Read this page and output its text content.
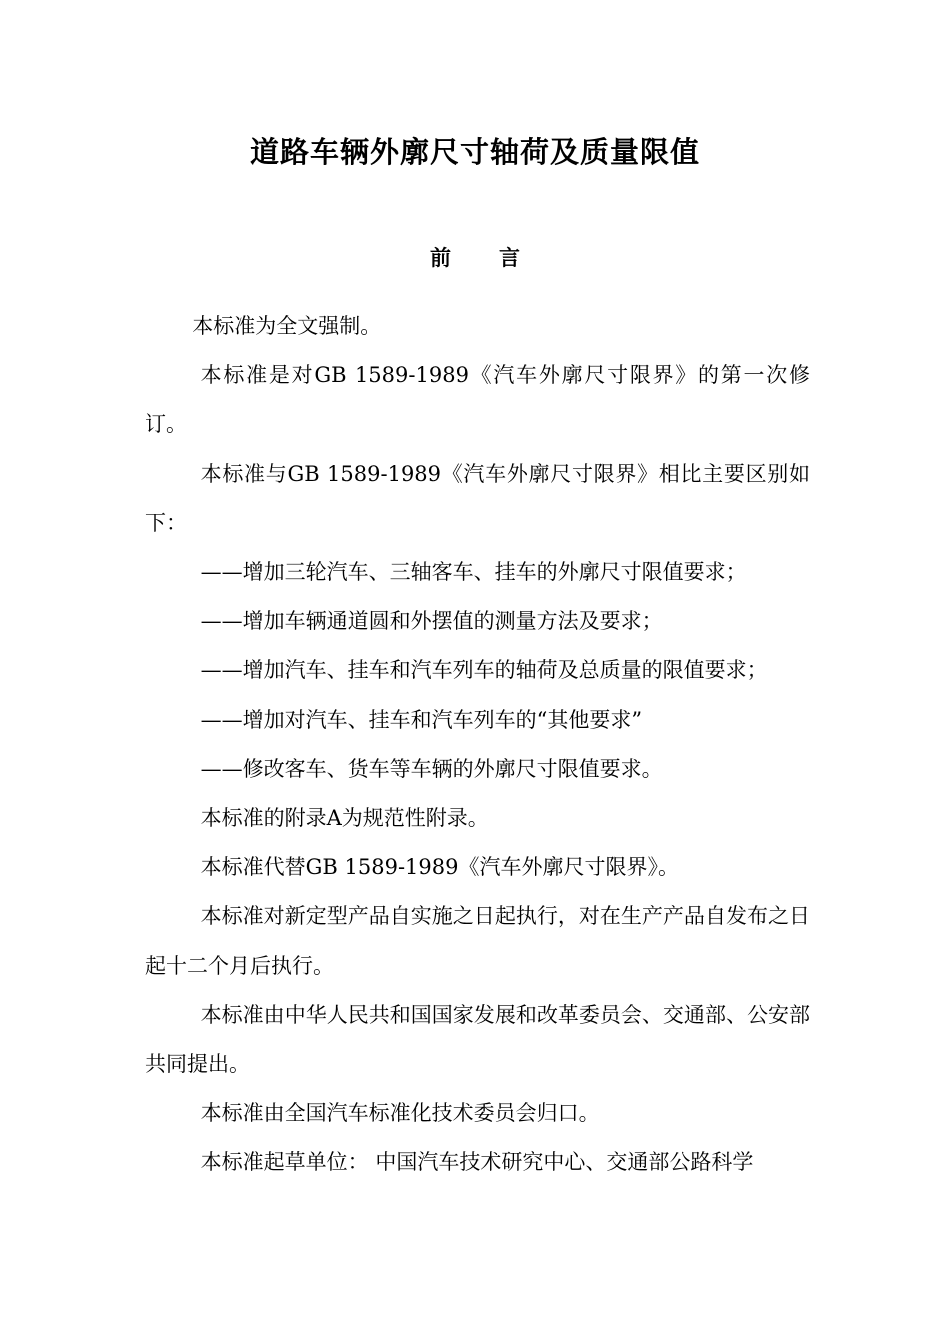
道路车辆外廓尺寸轴荷及质量限值
前 言

本标准为全文强制。

本标准是对GB 1589-1989《汽车外廓尺寸限界》的第一次修订。

本标准与GB 1589-1989《汽车外廓尺寸限界》相比主要区别如下：

——增加三轮汽车、三轴客车、挂车的外廓尺寸限值要求；

——增加车辆通道圆和外摆值的测量方法及要求；

——增加汽车、挂车和汽车列车的轴荷及总质量的限值要求；

——增加对汽车、挂车和汽车列车的“其他要求”

——修改客车、货车等车辆的外廓尺寸限值要求。

本标准的附录A为规范性附录。

本标准代替GB 1589-1989《汽车外廓尺寸限界》。

本标准对新定型产品自实施之日起执行，对在生产产品自发布之日起十二个月后执行。

本标准由中华人民共和国国家发展和改革委员会、交通部、公安部共同提出。

本标准由全国汽车标准化技术委员会归口。

本标准起草单位： 中国汽车技术研究中心、交通部公路科学
